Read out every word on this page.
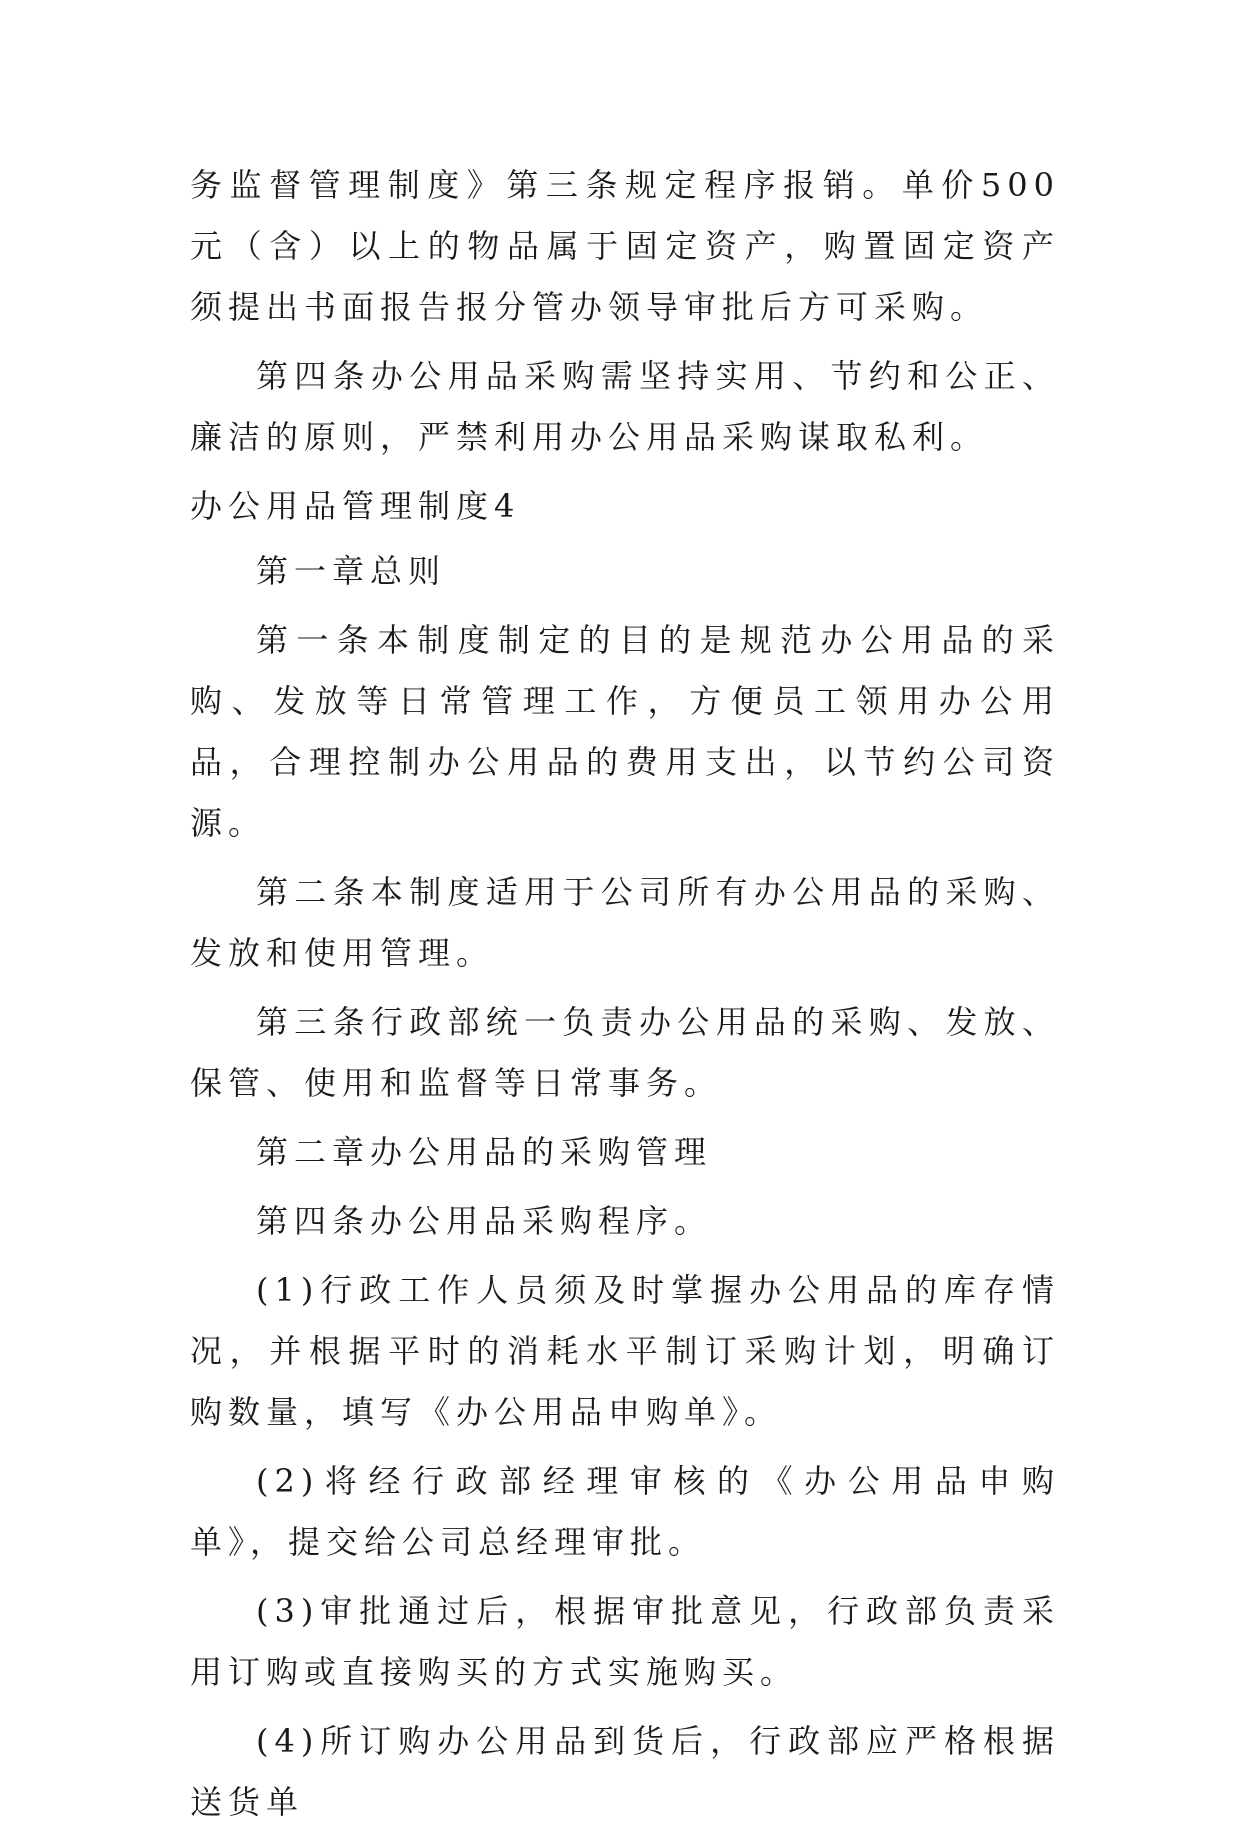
务监督管理制度》第三条规定程序报销。单价500元（含）以上的物品属于固定资产，购置固定资产须提出书面报告报分管办领导审批后方可采购。

第四条办公用品采购需坚持实用、节约和公正、廉洁的原则，严禁利用办公用品采购谋取私利。

办公用品管理制度4

第一章总则

第一条本制度制定的目的是规范办公用品的采购、发放等日常管理工作，方便员工领用办公用品，合理控制办公用品的费用支出，以节约公司资源。

第二条本制度适用于公司所有办公用品的采购、发放和使用管理。

第三条行政部统一负责办公用品的采购、发放、保管、使用和监督等日常事务。

第二章办公用品的采购管理

第四条办公用品采购程序。

(1)行政工作人员须及时掌握办公用品的库存情况，并根据平时的消耗水平制订采购计划，明确订购数量，填写《办公用品申购单》。

(2)将经行政部经理审核的《办公用品申购单》，提交给公司总经理审批。

(3)审批通过后，根据审批意见，行政部负责采用订购或直接购买的方式实施购买。

(4)所订购办公用品到货后，行政部应严格根据送货单
